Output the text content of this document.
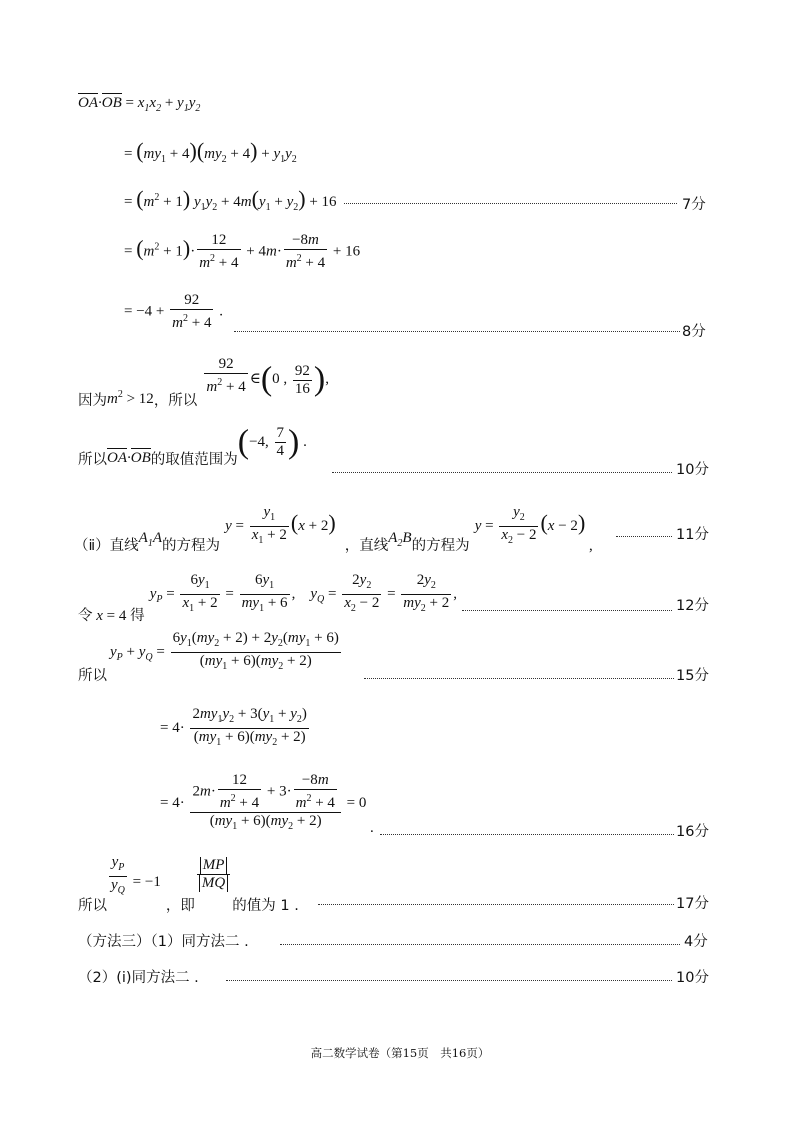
$OA\cdot OB = x_1x_2 + y_1y_2$
= $(my_1 + 4)(my_2 + 4) + y_1y_2$
= $(m^2 + 1) y_1y_2 + 4m(y_1 + y_2) + 16$	7分
= $(m^2 + 1)\cdot \frac{12}{m^2 + 4} + 4m\cdot \frac{-8m}{m^2 + 4} + 16$
= $-4 + \frac{92}{m^2 + 4}$ .
8分
因为$m^2 > 12$，所以
$\frac{92}{m^2 + 4}$ ∈(0 , $\frac{92}{16}$ ),
所以OA·OB的取值范围为(−4, $\frac{7}{4}$ ) .
10分
（ⅱ）直线$A_1A$的方程为 $y = \frac{y_1}{x_1 + 2} (x + 2)$ ，直线$A_2B$的方程为 $y = \frac{y_2}{x_2 - 2} (x - 2)$ ,
11分
令 x = 4 得 $y_P = \frac{6y_1}{x_1 + 2} = \frac{6y_1}{my_1 + 6}$ ,    $y_Q = \frac{2y_2}{x_2 - 2} = \frac{2y_2}{my_2 + 2}$ ,
12分
$y_P + y_Q = \frac{6y_1(my_2 + 2) + 2y_2(my_1 + 6)}{(my_1 + 6)(my_2 + 2)}$
所以	15分
= $4\cdot \frac{2my_1y_2 + 3(y_1 + y_2)}{(my_1 + 6)(my_2 + 2)}$
= $4\cdot \frac{2m\cdot \frac{12}{m^2 + 4} + 3\cdot \frac{-8m}{m^2 + 4}}{(my_1 + 6)(my_2 + 2)} = 0$
.	16分
所以
$\frac{y_P}{y_Q} = -1$ ，即
$\frac{MP}{MQ}$
的值为 1 .	17分
（方法三）（1）同方法二 .	4分
（2）(ⅰ)同方法二 .	10分
高二数学试卷（第15页　共16页）
